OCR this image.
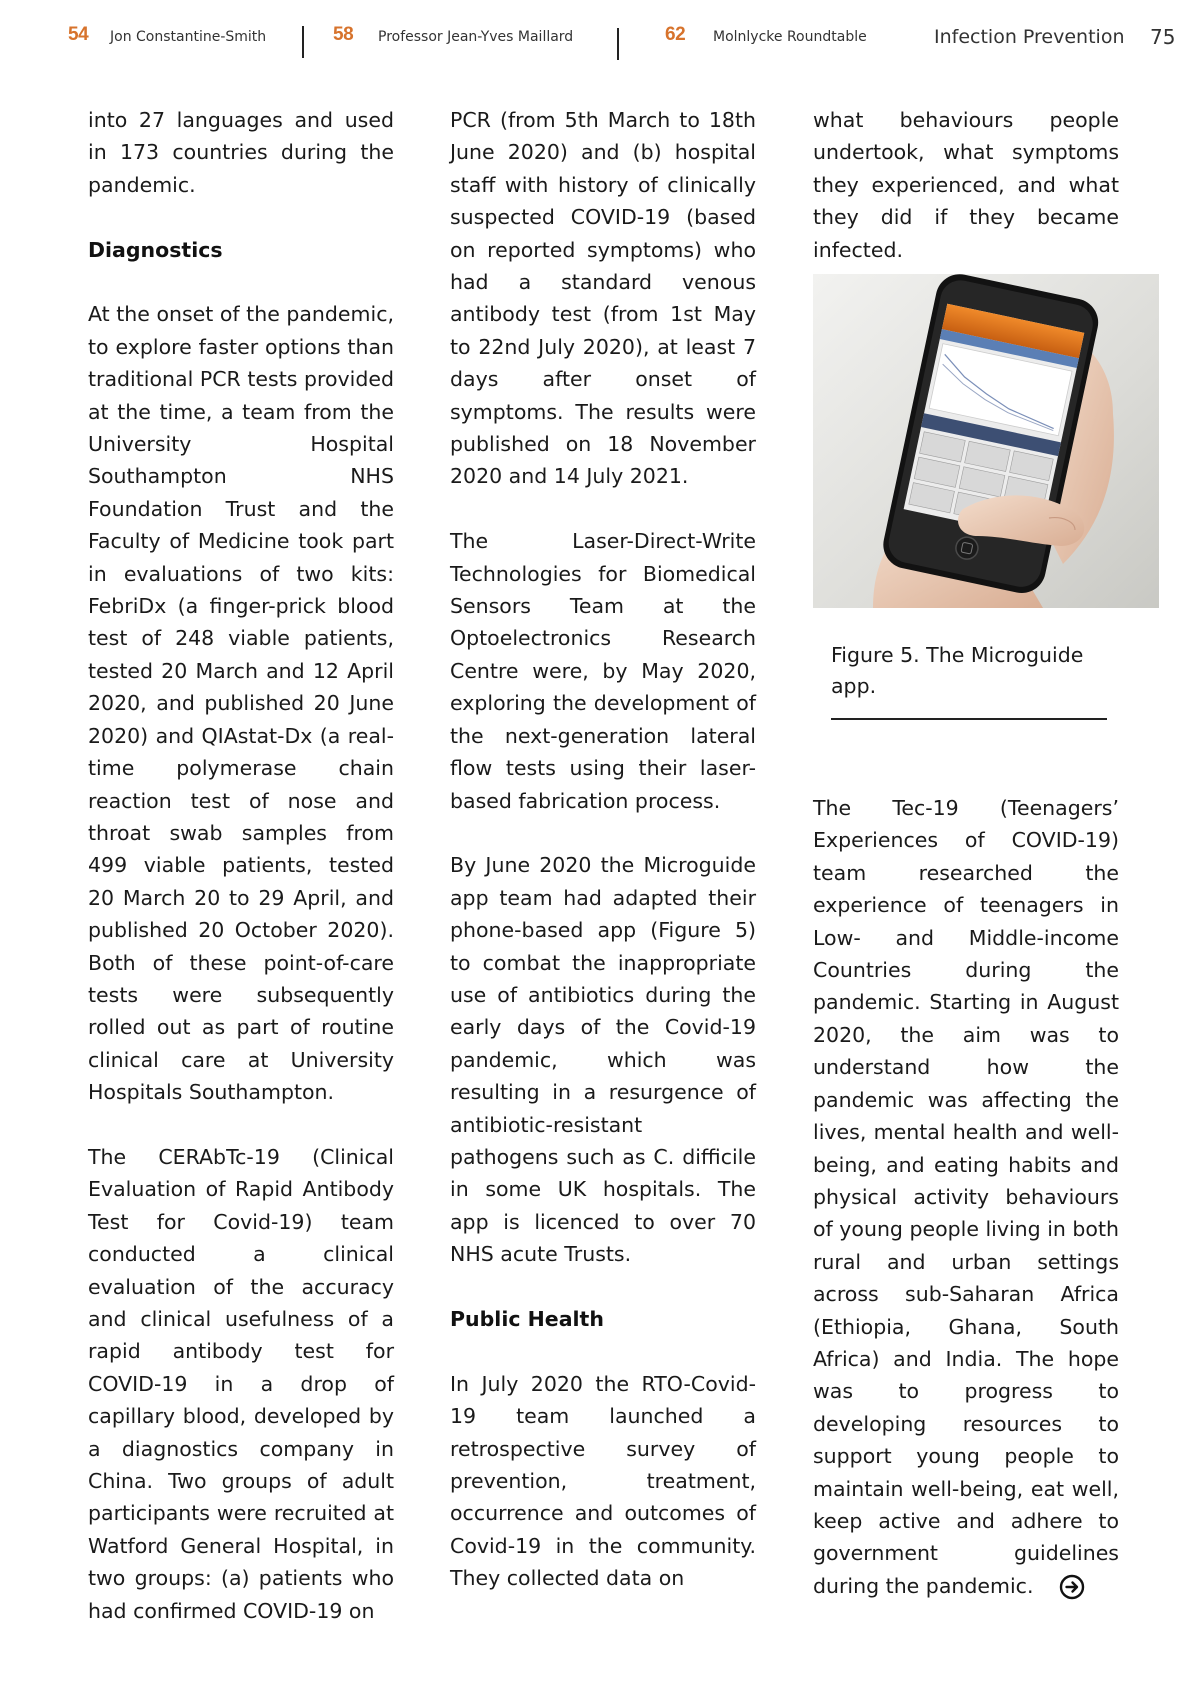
54 Jon Constantine-Smith	58 Professor Jean-Yves Maillard	62 Molnlycke Roundtable	Infection Prevention 75

into 27 languages and used in 173 countries during the pandemic.

Diagnostics

At the onset of the pandemic, to explore faster options than traditional PCR tests provided at the time, a team from the University Hospital Southampton NHS Foundation Trust and the Faculty of Medicine took part in evaluations of two kits: FebriDx (a finger-prick blood test of 248 viable patients, tested 20 March and 12 April 2020, and published 20 June 2020) and QIAstat-Dx (a real-time polymerase chain reaction test of nose and throat swab samples from 499 viable patients, tested 20 March 20 to 29 April, and published 20 October 2020). Both of these point-of-care tests were subsequently rolled out as part of routine clinical care at University Hospitals Southampton.

The CERAbTc-19 (Clinical Evaluation of Rapid Antibody Test for Covid-19) team conducted a clinical evaluation of the accuracy and clinical usefulness of a rapid antibody test for COVID-19 in a drop of capillary blood, developed by a diagnostics company in China. Two groups of adult participants were recruited at Watford General Hospital, in two groups: (a) patients who had confirmed COVID-19 on

PCR (from 5th March to 18th June 2020) and (b) hospital staff with history of clinically suspected COVID-19 (based on reported symptoms) who had a standard venous antibody test (from 1st May to 22nd July 2020), at least 7 days after onset of symptoms. The results were published on 18 November 2020 and 14 July 2021.

The Laser-Direct-Write Technologies for Biomedical Sensors Team at the Optoelectronics Research Centre were, by May 2020, exploring the development of the next-generation lateral flow tests using their laser-based fabrication process.

By June 2020 the Microguide app team had adapted their phone-based app (Figure 5) to combat the inappropriate use of antibiotics during the early days of the Covid-19 pandemic, which was resulting in a resurgence of antibiotic-resistant pathogens such as C. difficile in some UK hospitals. The app is licenced to over 70 NHS acute Trusts.

Public Health

In July 2020 the RTO-Covid-19 team launched a retrospective survey of prevention, treatment, occurrence and outcomes of Covid-19 in the community. They collected data on

what behaviours people undertook, what symptoms they experienced, and what they did if they became infected.

Figure 5. The Microguide app.

The Tec-19 (Teenagers’ Experiences of COVID-19) team researched the experience of teenagers in Low- and Middle-income Countries during the pandemic. Starting in August 2020, the aim was to understand how the pandemic was affecting the lives, mental health and well-being, and eating habits and physical activity behaviours of young people living in both rural and urban settings across sub-Saharan Africa (Ethiopia, Ghana, South Africa) and India. The hope was to progress to developing resources to support young people to maintain well-being, eat well, keep active and adhere to government guidelines during the pandemic.
